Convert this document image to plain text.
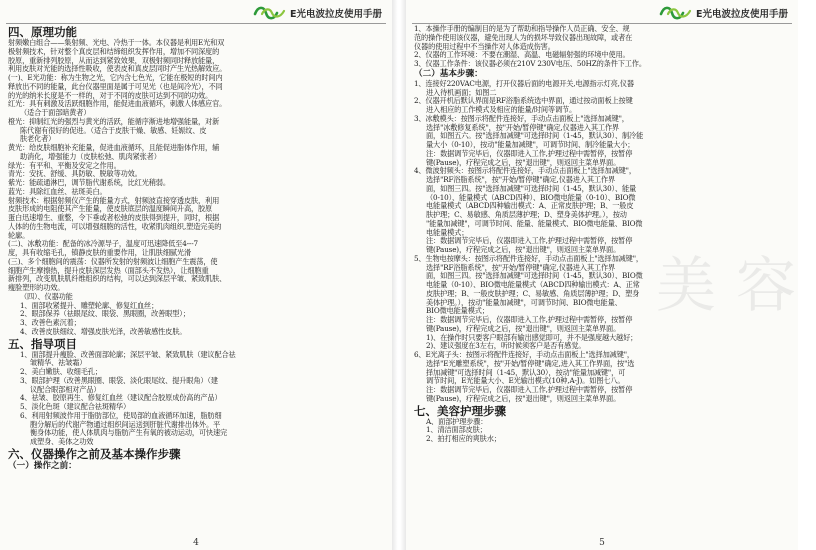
E光电波拉皮使用手册
四、原理功能
射频嫩白组合——集射频、光电、冷热于一体。本仪器是利用E光和双
极射频技术，针对整个真皮层和结缔组织发挥作用，增加不同深度的
胶原，重新排列胶原，从而达到紧致效果，双极射频同时释放能量，
利用皮肤对光能的选择性吸收，使表皮和真皮层同时产生光热解效应。
(一)、E光功能：称为生物之光，它内含七色光，它能在极短的时间内
释放出不同的能量，此台仪器里面是属于可见光（也是间冷光），不同
的光的纳米长度是不一样的，对于不同的皮肤可达到不同的功效。
红光：具有刺激及活跃细胞作用，能促进血液循环，刺激人体感应官。
（适合于面部暗黄者）
橙光：抑制红光的强烈与黄光的活跃，能循序渐进地增强能量，对新
陈代谢有很好的促进。（适合于皮肤干燥、敏感、妊娠纹、皮
肤老化者）
黄光：给皮肤细胞补充能量，促进血液循环，且能促进脂体作用，辅
助消化，增强能力（皮肤松弛、肌肉紧张者）
绿光：有平和、平衡及安定之作用。
青光：安抚、舒缓、具防敏、脱敏等功效。
紫光：能疏通淋巴，调节脂代谢系统，比红光稍弱。
蓝光：具除红血丝、祛斑美白。
射频技术：根据射频仪产生的能量方式，射频波直接穿透皮肤，利用
皮肤形成的电阻使其产生能量，使皮肤底层的温度瞬间升高，胶原
蛋白迅速增生、重整，令下垂或者松弛的皮肤得到提升，同时，根据
人体的仿生物电流，可以增强细胞的活性，收紧肌肉组织,塑造完美的
轮廓。
(二)、冰敷功能：配备的冰冷源导子，温度可迅速降低至4---7
度，具有收缩毛孔，镇静皮肤的重要作用，让肌肤细腻光滑
(三)、多个细胞间的震荡：仪器所发射的射频波让细胞产生震荡，使
细胞产生摩擦热，提升皮肤深层发热（面部头不发热），让细胞重
新排列，改变肌肤肌纤维组织的结构，可以达到深层平皱、紧致肌肤、
瘦脸塑形的功效。
（四）、仪器功能
1、面部收紧提升、雕塑轮廓、修复红血丝；
2、眼部保养（祛眼尾纹、眼袋、黑眼圈，改善眼型）；
3、改善色素沉着；
4、改善皮肤细纹、增强皮肤光泽，改善敏感性皮肤。
五、指导项目
1、面部提升瘦脸、改善面部轮廓；深层平皱、紧致肌肤（建议配合祛
皱精华、祛皱霜）
2、美白嫩肤、收细毛孔；
3、眼部护理（改善黑眼圈、眼袋、淡化眼尾纹、提升眼角）（建
议配合眼部相对产品）
4、祛皱、胶原再生、修复红血丝（建议配合胶原成份高的产品）
5、淡化色斑（建议配合祛斑精华）
6、利用射频波作用于脂肪部位，使局部的血液循环加速，脂肪细
胞分解后的代谢产物通过组织间运送到肝脏代谢排出体外。平
衡身体功能，使人体肌肉与脂肪产生有氧的被动运动，可快速完
成塑身、美体之功效
六、仪器操作之前及基本操作步骤
（一）操作之前：
4
E光电波拉皮使用手册
1、本操作手册的编制目的是为了帮助和指导操作人员正确、安全、规
范的操作使用该仪器，避免出现人为的损坏导致仪器出现故障，或者在
仪器的使用过程中不当操作对人体造成伤害。
2、仪器的工作环境：不要在潮湿、高温、电磁辐射强的环境中使用。
3、仪器工作条件：该仪器必须在210V 230V电压、50HZ的条件下工作。
（二）基本步骤：
1、连接好220VAC电源，打开仪器后面的电源开关,电源指示灯亮,仪器
进入待机画面；如图二
2、仪器开机后默认界面是RF浴脂系统选中界面，通过按动面板上按键
进入相应的工作模式及相应的能量/时间等调节。
3、冰敷模头：按图示将配件连接好，手动点击面板上"选择加减键"，
选择"冰敷修复系统"，按"开始/暂停键"确定,仪器进入其工作界
面，如图五六。按"选择加减键"可选择时间（1-45，默认30）、制冷能
量大小（0-10），按动"能量加减键"，可调节时间、制冷能量大小；
注：数据调节完毕后，仪器即进入工作,护理过程中需暂停，按暂停
键(Pause)，疗程完成之后，按"退出键"，则返回主菜单界面。
4、微波射频头：按图示将配件连接好，手动点击面板上"选择加减键"，
选择"RF浴脂系统"，按"开始/暂停键"确定,仪器进入其工作界
面，如图三四。按"选择加减键"可选择时间（1-45，默认30）、能量
（0-10）、能量模式（ABCD四种）、BIO微电能量（0-10）、BIO微
电能量模式（ABCD四种输出模式：A、正常皮肤护理；B、一般皮
肤护理；C、易敏感、角质层薄护理；D、塑身美体护理。），按动
"能量加减键"，可调节时间、能量、能量模式、BIO微电能量、BIO微
电能量模式；
注：数据调节完毕后，仪器即进入工作,护理过程中需暂停，按暂停
键(Pause)，疗程完成之后，按"退出键"，则返回主菜单界面。
5、生物电按摩头：按图示将配件连接好，手动点击面板上"选择加减键"，
选择"RF浴脂系统"，按"开始/暂停键"确定,仪器进入其工作界
面，如图三四。按"选择加减键"可选择时间（1-45，默认30）、BIO微
电能量（0-10）、BIO微电能量模式（ABCD四种输出模式：A、正常
皮肤护理；B、一般皮肤护理；C、易敏感、角质层薄护理；D、塑身
美体护理。），按动"能量加减键"，可调节时间、BIO微电能量、
BIO微电能量模式；
注：数据调节完毕后，仪器即进入工作,护理过程中需暂停，按暂停
键(Pause)，疗程完成之后，按"退出键"，则返回主菜单界面。
1)、在操作时只要客户眼部有输出感觉即可，并不是强度越大越好；
2)、建议强度在3左右，听时候须客户是否有感觉。
6、E光离子头：按图示将配件连接好，手动点击面板上"选择加减键"，
选择"E光雕塑系统"，按"开始/暂停键"确定,进入其工作界面，按"选
择加减键"可选择时间（1-45，默认30），按动"能量加减键"，可
调节时间，E光能量大小、E光输出模式(10种,A-J)。如图七八。
注：数据调节完毕后，仪器即进入工作,护理过程中需暂停，按暂停
键(Pause)，疗程完成之后，按"退出键"，则返回主菜单界面。
七、美容护理步骤
A、面部护理步骤：
1、清洁面部皮肤；
2、拍打相应的爽肤水；
美容
5
